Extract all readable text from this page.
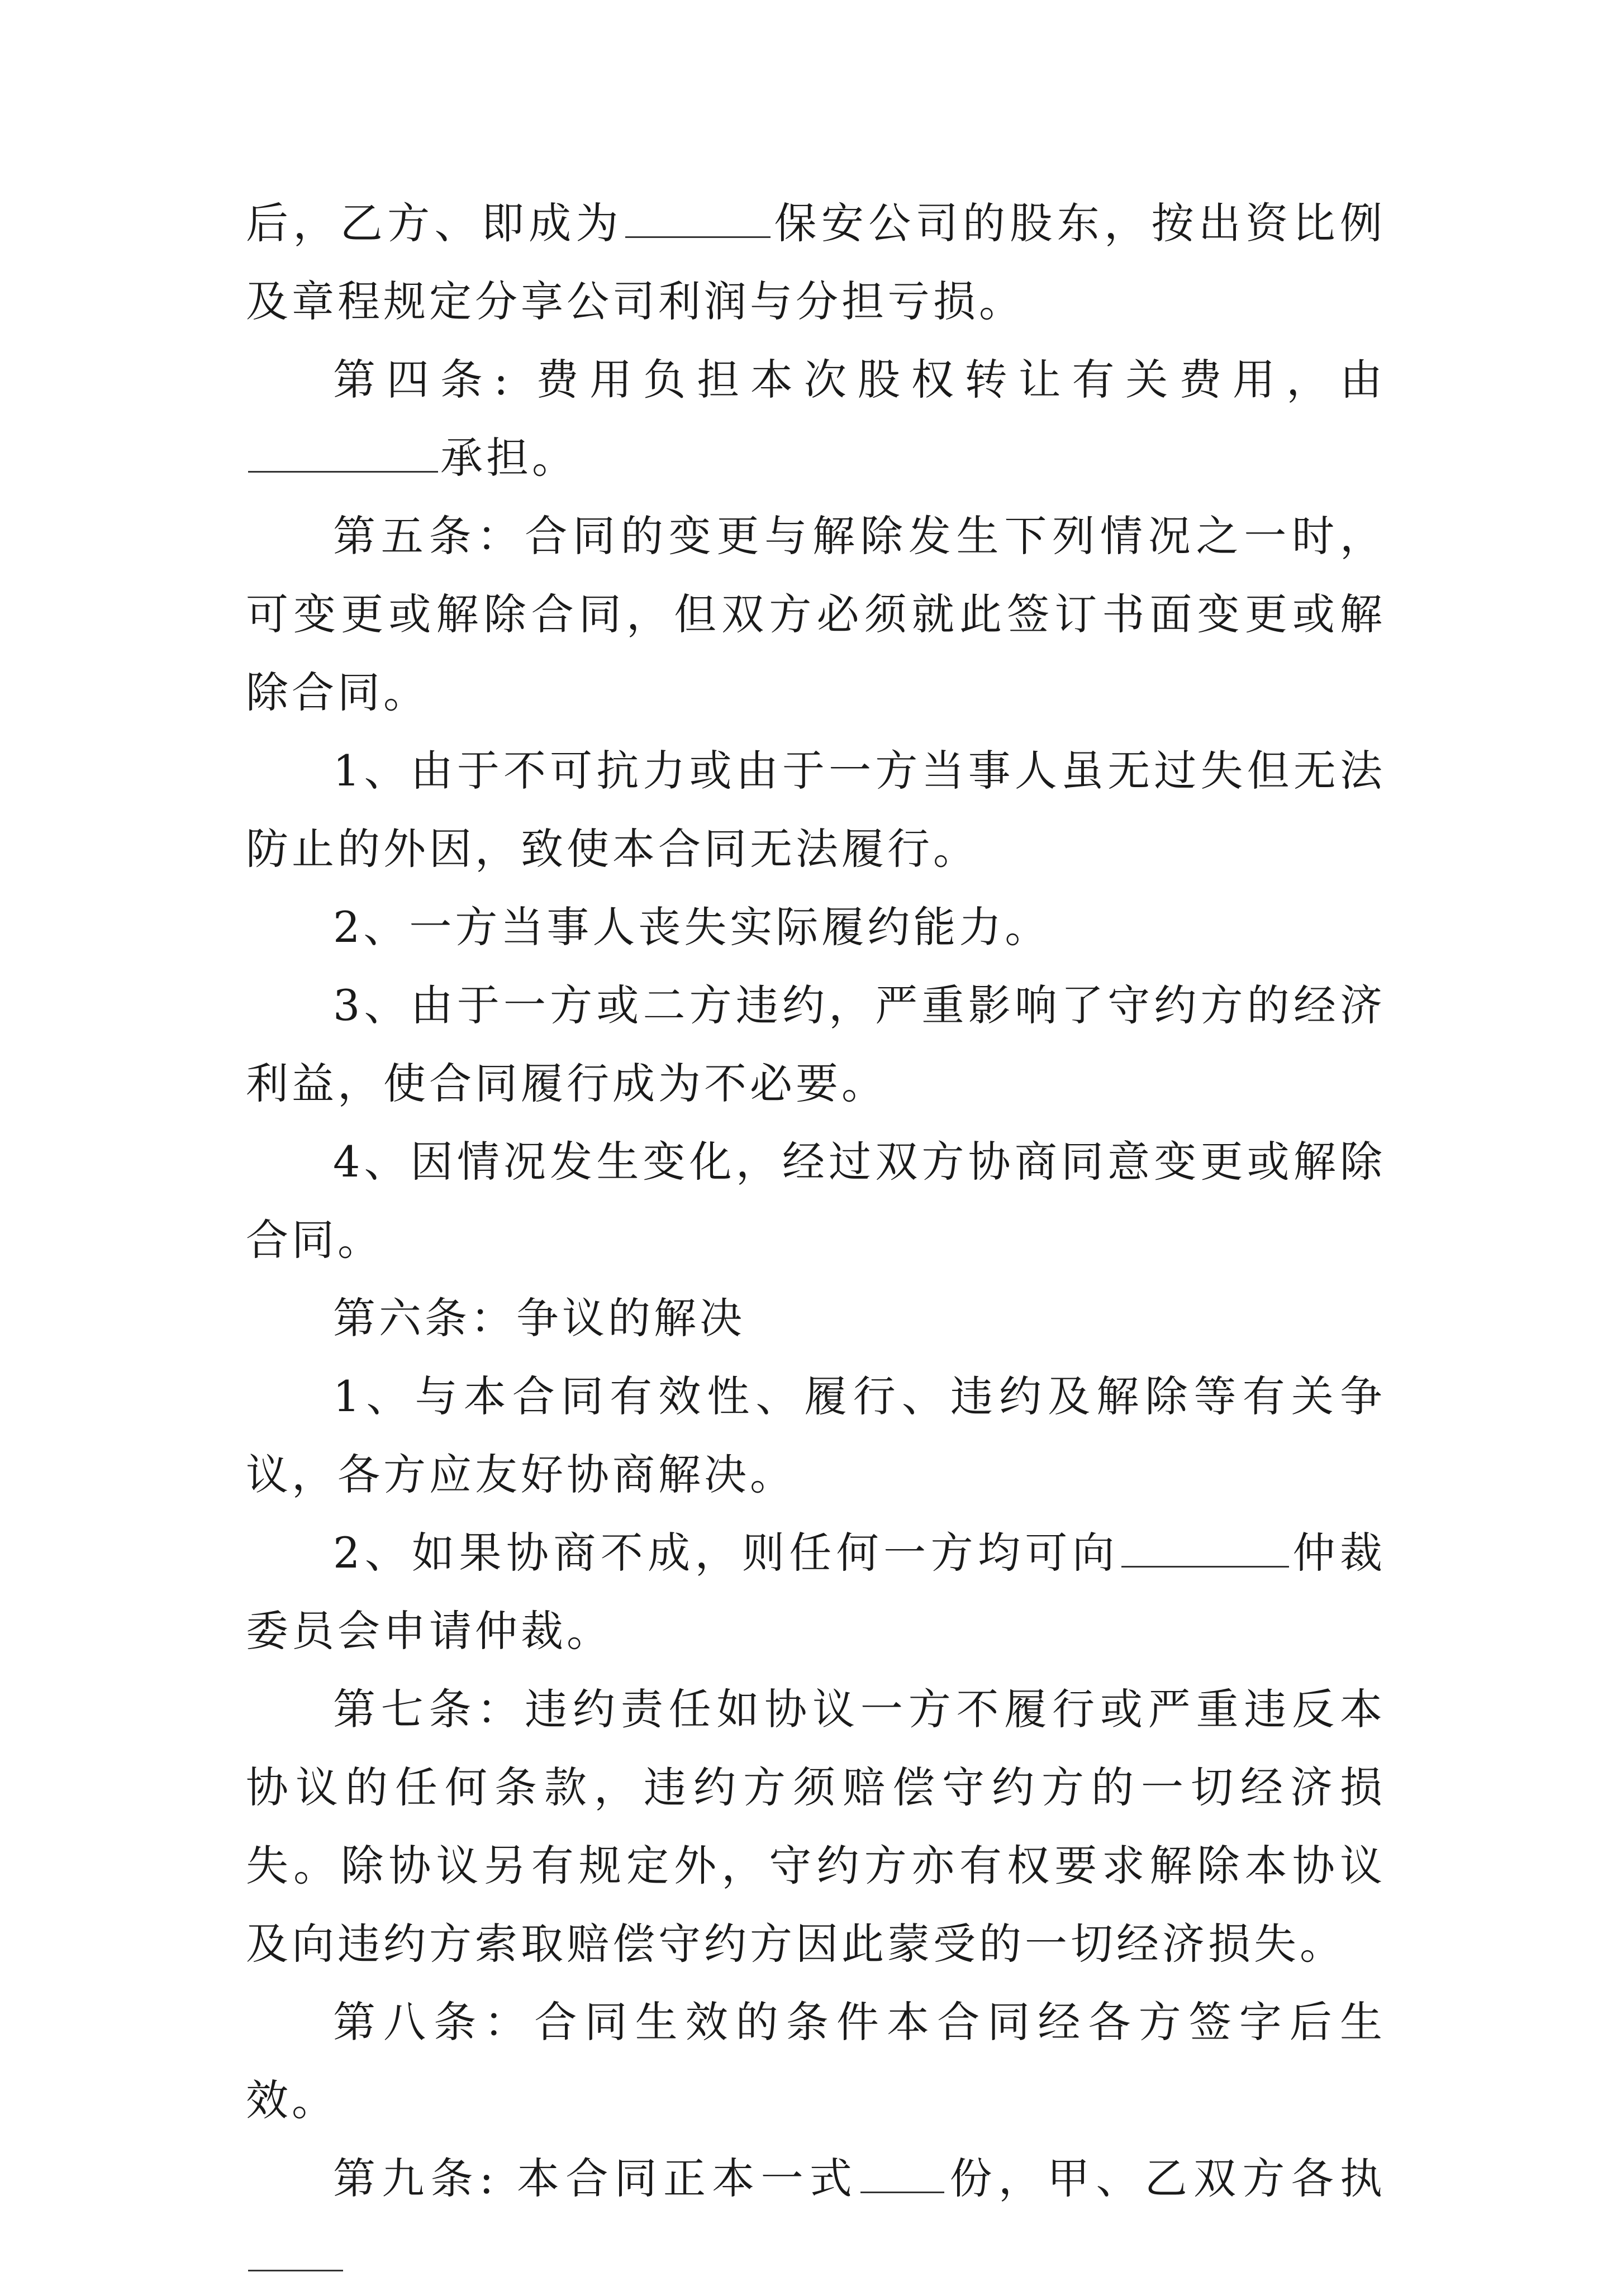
后，乙方、即成为	保安公司的股东，按出资比例及章程规定分享公司利润与分担亏损。

第四条: 费用负担本次股权转让有关费用，由承担。

第五条：合同的变更与解除发生下列情况之一时，可变更或解除合同，但双方必须就此签订书面变更或解除合同。

1、由于不可抗力或由于一方当事人虽无过失但无法防止的外因，致使本合同无法履行。

2、一方当事人丧失实际履约能力。

3、由于一方或二方违约，严重影响了守约方的经济利益，使合同履行成为不必要。

4、因情况发生变化，经过双方协商同意变更或解除合同。

第六条：争议的解决

1、与本合同有效性、履行、违约及解除等有关争议，各方应友好协商解决。

2、如果协商不成，则任何一方均可向	仲裁委员会申请仲裁。

第七条：违约责任如协议一方不履行或严重违反本协议的任何条款，违约方须赔偿守约方的一切经济损失。除协议另有规定外，守约方亦有权要求解除本协议及向违约方索取赔偿守约方因此蒙受的一切经济损失。

第八条：合同生效的条件本合同经各方签字后生效。

第九条: 本合同正本一式 份，甲、乙双方各执
